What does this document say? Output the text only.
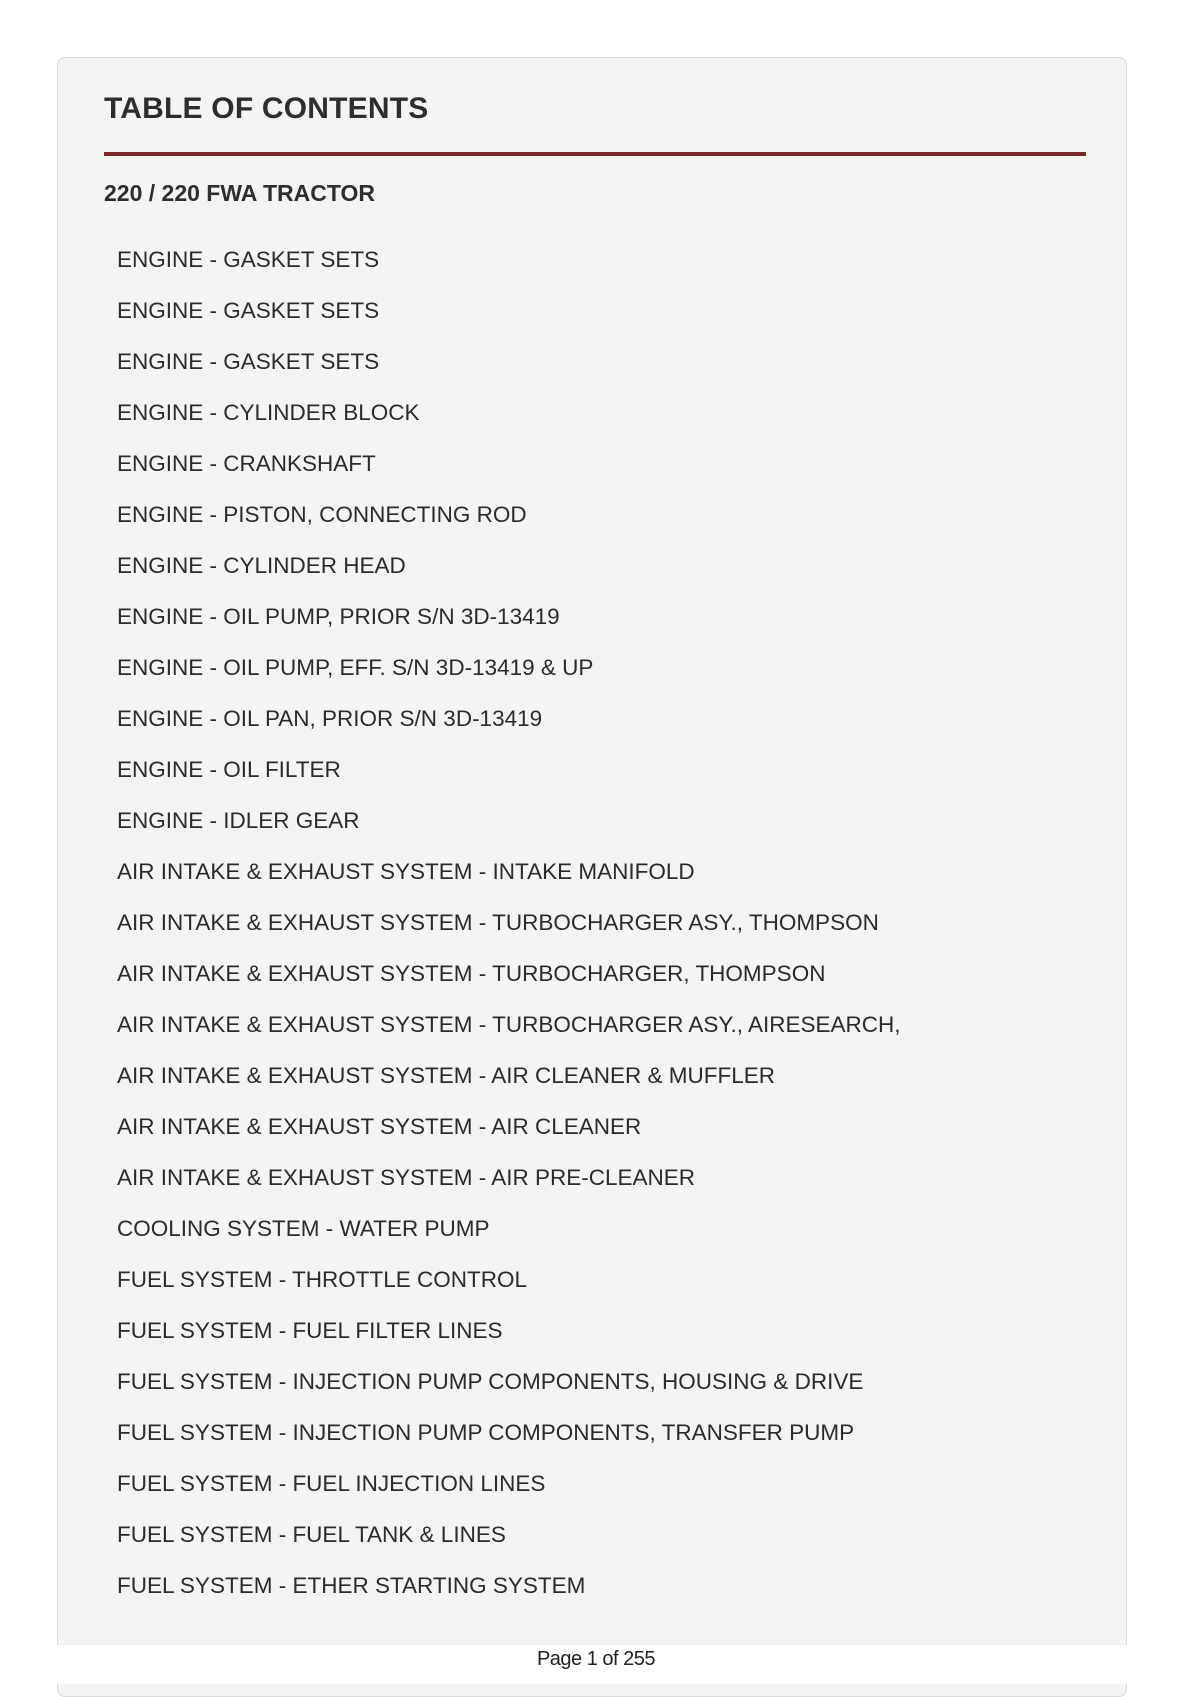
TABLE OF CONTENTS
220 / 220 FWA TRACTOR
ENGINE - GASKET SETS
ENGINE - GASKET SETS
ENGINE - GASKET SETS
ENGINE - CYLINDER BLOCK
ENGINE - CRANKSHAFT
ENGINE - PISTON, CONNECTING ROD
ENGINE - CYLINDER HEAD
ENGINE - OIL PUMP, PRIOR S/N 3D-13419
ENGINE - OIL PUMP, EFF. S/N 3D-13419 & UP
ENGINE - OIL PAN, PRIOR S/N 3D-13419
ENGINE - OIL FILTER
ENGINE - IDLER GEAR
AIR INTAKE & EXHAUST SYSTEM - INTAKE MANIFOLD
AIR INTAKE & EXHAUST SYSTEM - TURBOCHARGER ASY., THOMPSON
AIR INTAKE & EXHAUST SYSTEM - TURBOCHARGER, THOMPSON
AIR INTAKE & EXHAUST SYSTEM - TURBOCHARGER ASY., AIRESEARCH,
AIR INTAKE & EXHAUST SYSTEM - AIR CLEANER & MUFFLER
AIR INTAKE & EXHAUST SYSTEM - AIR CLEANER
AIR INTAKE & EXHAUST SYSTEM - AIR PRE-CLEANER
COOLING SYSTEM - WATER PUMP
FUEL SYSTEM - THROTTLE CONTROL
FUEL SYSTEM - FUEL FILTER LINES
FUEL SYSTEM - INJECTION PUMP COMPONENTS, HOUSING & DRIVE
FUEL SYSTEM - INJECTION PUMP COMPONENTS, TRANSFER PUMP
FUEL SYSTEM - FUEL INJECTION LINES
FUEL SYSTEM - FUEL TANK & LINES
FUEL SYSTEM - ETHER STARTING SYSTEM
Page 1 of 255
